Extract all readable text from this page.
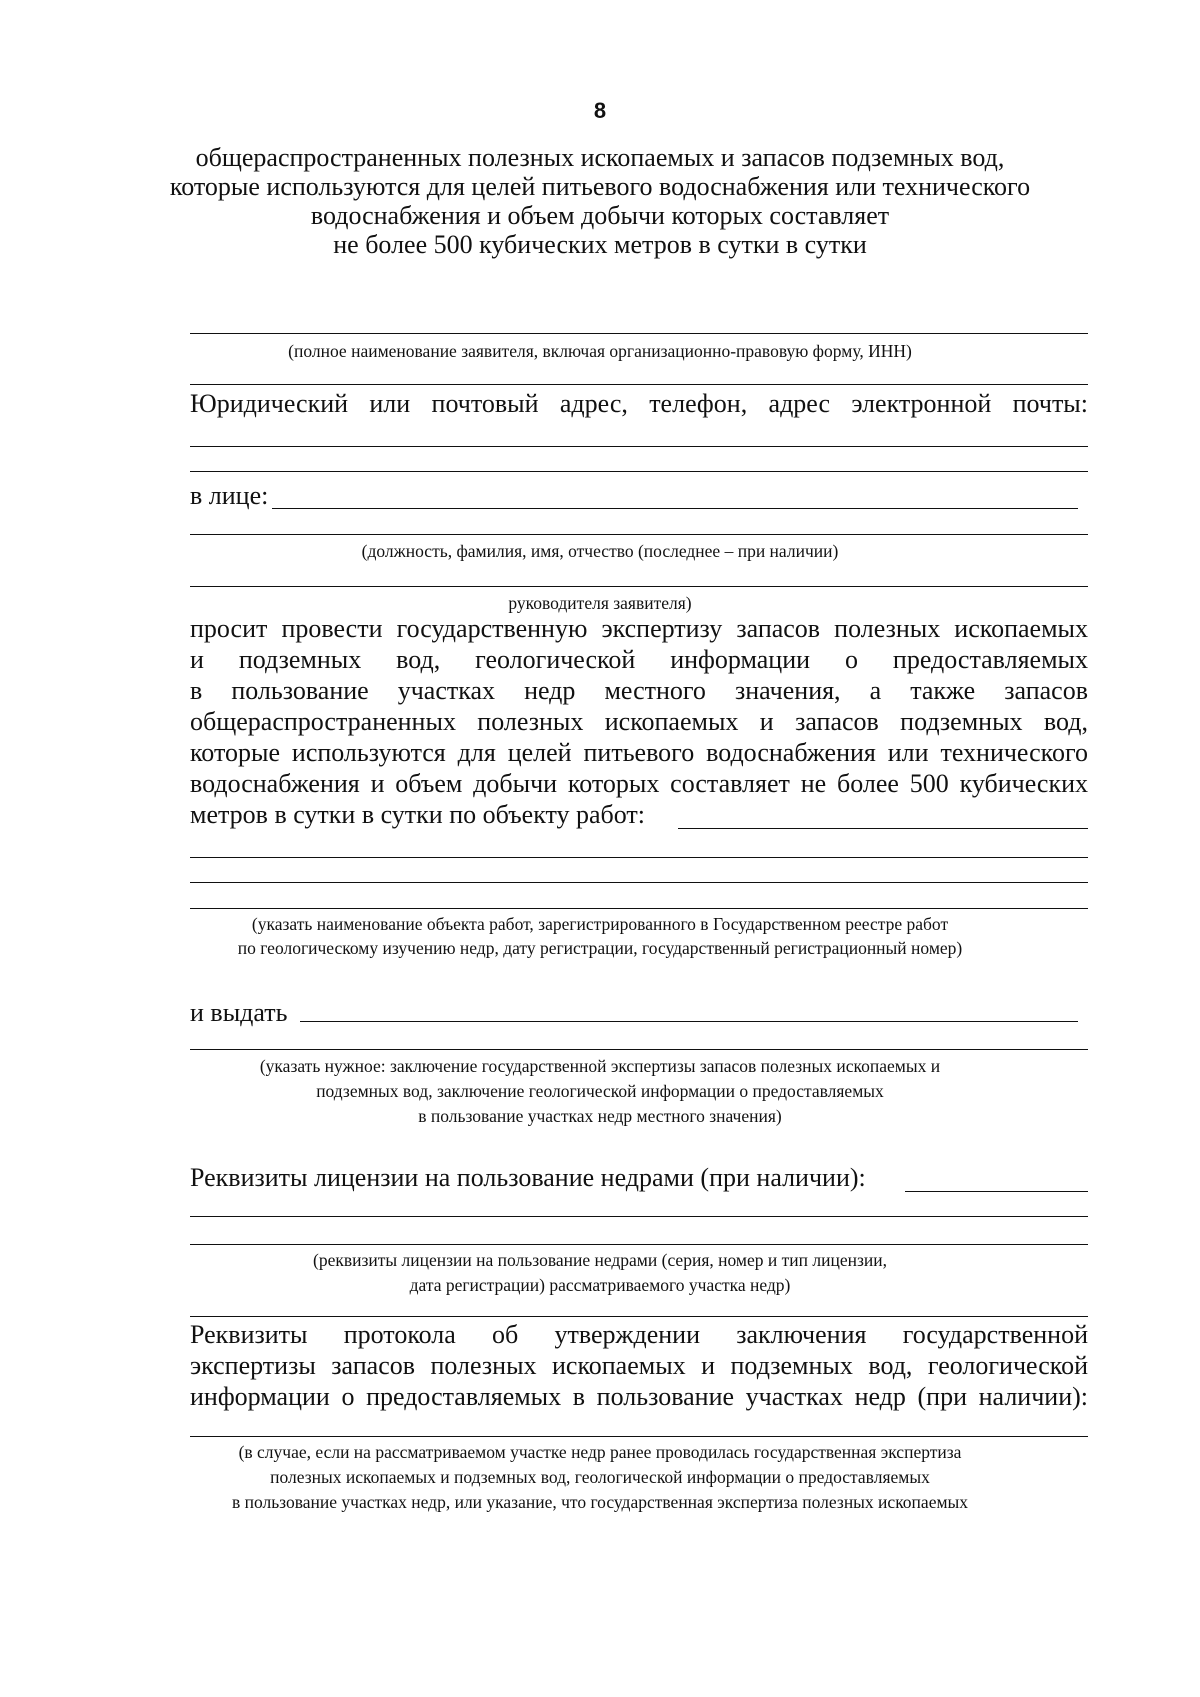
8
общераспространенных полезных ископаемых и запасов подземных вод,
которые используются для целей питьевого водоснабжения или технического
водоснабжения и объем добычи которых составляет
не более 500 кубических метров в сутки в сутки
(полное наименование заявителя, включая организационно-правовую форму, ИНН)
Юридический или почтовый адрес, телефон, адрес электронной почты:
в лице:
(должность, фамилия, имя, отчество (последнее – при наличии)
руководителя заявителя)
просит провести государственную экспертизу запасов полезных ископаемых
и подземных вод, геологической информации о предоставляемых
в пользование участках недр местного значения, а также запасов
общераспространенных полезных ископаемых и запасов подземных вод,
которые используются для целей питьевого водоснабжения или технического
водоснабжения и объем добычи которых составляет не более 500 кубических
метров в сутки в сутки по объекту работ:
(указать наименование объекта работ, зарегистрированного в Государственном реестре работ
по геологическому изучению недр, дату регистрации, государственный регистрационный номер)
и выдать
(указать нужное: заключение государственной экспертизы запасов полезных ископаемых и
подземных вод, заключение геологической информации о предоставляемых
в пользование участках недр местного значения)
Реквизиты лицензии на пользование недрами (при наличии):
(реквизиты лицензии на пользование недрами (серия, номер и тип лицензии,
дата регистрации) рассматриваемого участка недр)
Реквизиты протокола об утверждении заключения государственной
экспертизы запасов полезных ископаемых и подземных вод, геологической
информации о предоставляемых в пользование участках недр (при наличии):
(в случае, если на рассматриваемом участке недр ранее проводилась государственная экспертиза
полезных ископаемых и подземных вод, геологической информации о предоставляемых
в пользование участках недр, или указание, что государственная экспертиза полезных ископаемых
